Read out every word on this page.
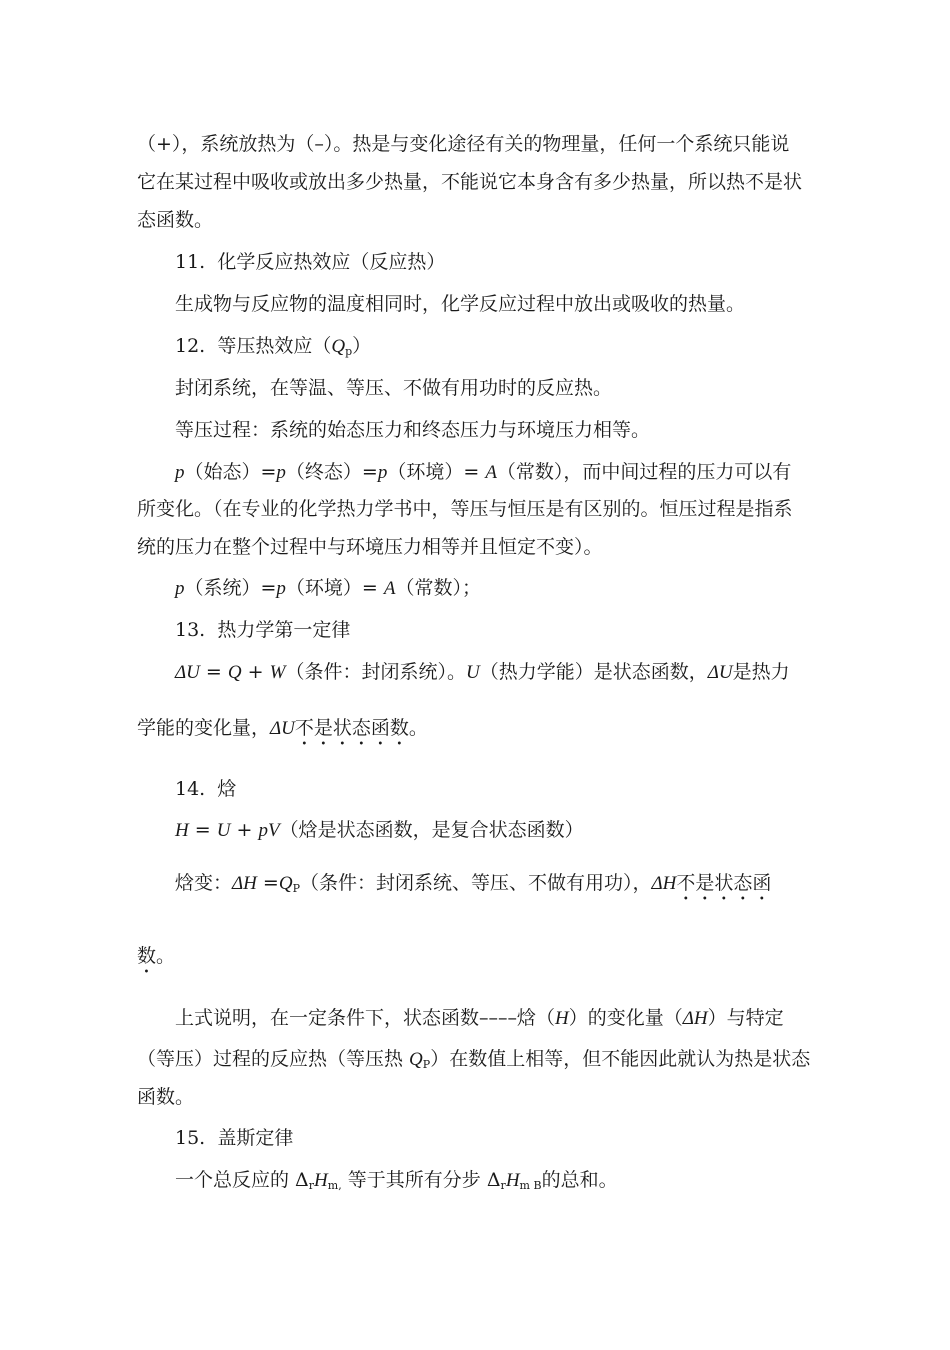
（+），系统放热为（–）。热是与变化途径有关的物理量，任何一个系统只能说
它在某过程中吸收或放出多少热量，不能说它本身含有多少热量，所以热不是状
态函数。
11. 化学反应热效应（反应热）
生成物与反应物的温度相同时，化学反应过程中放出或吸收的热量。
12. 等压热效应$(Q_p)$
封闭系统，在等温、等压、不做有用功时的反应热。
等压过程：系统的始态压力和终态压力与环境压力相等。
p（始态）=p（终态）=p（环境）= A（常数），而中间过程的压力可以有
所变化。（在专业的化学热力学书中，等压与恒压是有区别的。恒压过程是指系
统的压力在整个过程中与环境压力相等并且恒定不变）。
p（系统）=p（环境）= A（常数）；
13. 热力学第一定律
ΔU = Q + W（条件：封闭系统）。U（热力学能）是状态函数，ΔU是热力
学能的变化量，ΔU不是状态函数。
14. 焓
H = U + pV（焓是状态函数，是复合状态函数）
焓变：$\Delta H =Q_P$（条件：封闭系统、等压、不做有用功），ΔH不是状态函
数。
上式说明，在一定条件下，状态函数––––焓（H）的变化量（ΔH）与特定
（等压）过程的反应热（等压热 $Q_P$）在数值上相等，但不能因此就认为热是状态
函数。
15. 盖斯定律
一个总反应的 $\Delta_rH_{m,}$ 等于其所有分步 $\Delta_rH_{m B}$的总和。
